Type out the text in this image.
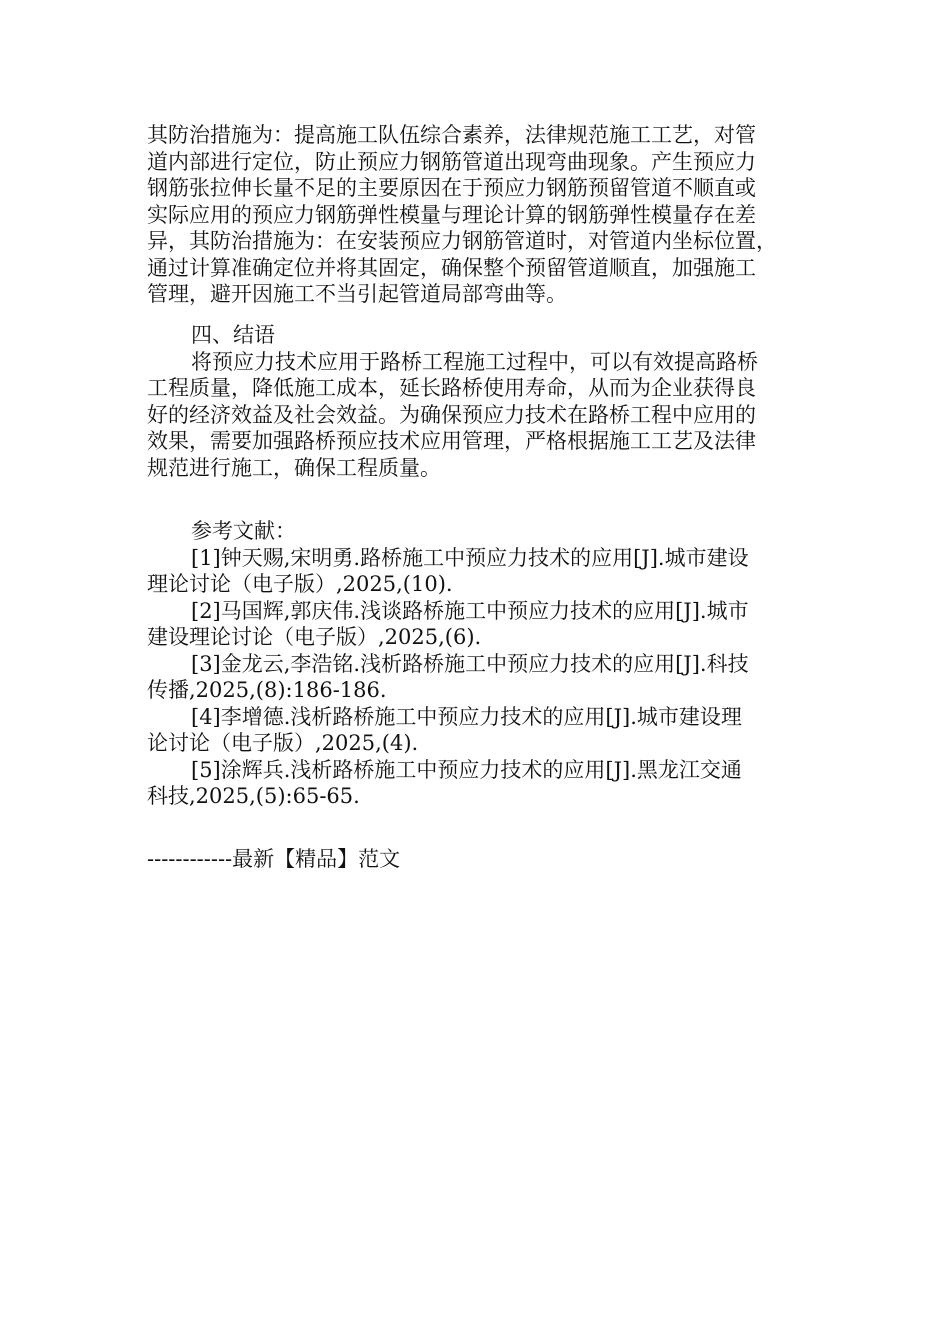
其防治措施为：提高施工队伍综合素养，法律规范施工工艺，对管
道内部进行定位，防止预应力钢筋管道出现弯曲现象。产生预应力
钢筋张拉伸长量不足的主要原因在于预应力钢筋预留管道不顺直或
实际应用的预应力钢筋弹性模量与理论计算的钢筋弹性模量存在差
异，其防治措施为：在安装预应力钢筋管道时，对管道内坐标位置，
通过计算准确定位并将其固定，确保整个预留管道顺直，加强施工
管理，避开因施工不当引起管道局部弯曲等。
四、结语
将预应力技术应用于路桥工程施工过程中，可以有效提高路桥
工程质量，降低施工成本，延长路桥使用寿命，从而为企业获得良
好的经济效益及社会效益。为确保预应力技术在路桥工程中应用的
效果，需要加强路桥预应技术应用管理，严格根据施工工艺及法律
规范进行施工，确保工程质量。
参考文献：
[1]钟天赐,宋明勇.路桥施工中预应力技术的应用[J].城市建设
理论讨论（电子版）,2025,(10).
[2]马国辉,郭庆伟.浅谈路桥施工中预应力技术的应用[J].城市
建设理论讨论（电子版）,2025,(6).
[3]金龙云,李浩铭.浅析路桥施工中预应力技术的应用[J].科技
传播,2025,(8):186-186.
[4]李增德.浅析路桥施工中预应力技术的应用[J].城市建设理
论讨论（电子版）,2025,(4).
[5]涂辉兵.浅析路桥施工中预应力技术的应用[J].黑龙江交通
科技,2025,(5):65-65.
------------最新【精品】范文
